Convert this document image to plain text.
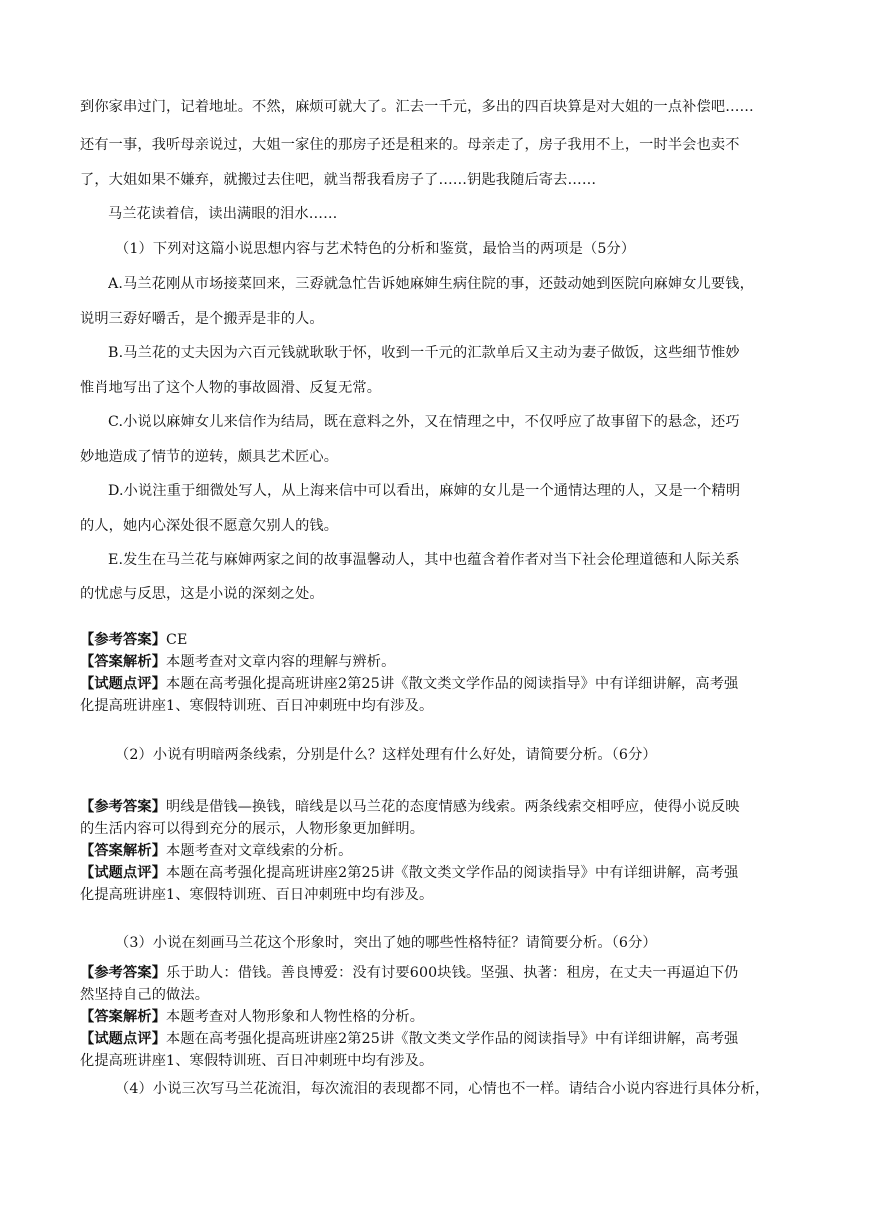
到你家串过门，记着地址。不然，麻烦可就大了。汇去一千元，多出的四百块算是对大姐的一点补偿吧……
还有一事，我听母亲说过，大姐一家住的那房子还是租来的。母亲走了，房子我用不上，一时半会也卖不
了，大姐如果不嫌弃，就搬过去住吧，就当帮我看房子了……钥匙我随后寄去……
马兰花读着信，读出满眼的泪水……
（1）下列对这篇小说思想内容与艺术特色的分析和鉴赏，最恰当的两项是（5分）
A.马兰花刚从市场接菜回来，三孬就急忙告诉她麻婶生病住院的事，还鼓动她到医院向麻婶女儿要钱，
说明三孬好嚼舌，是个搬弄是非的人。
B.马兰花的丈夫因为六百元钱就耿耿于怀，收到一千元的汇款单后又主动为妻子做饭，这些细节惟妙
惟肖地写出了这个人物的事故圆滑、反复无常。
C.小说以麻婶女儿来信作为结局，既在意料之外，又在情理之中，不仅呼应了故事留下的悬念，还巧
妙地造成了情节的逆转，颇具艺术匠心。
D.小说注重于细微处写人，从上海来信中可以看出，麻婶的女儿是一个通情达理的人，又是一个精明
的人，她内心深处很不愿意欠别人的钱。
E.发生在马兰花与麻婶两家之间的故事温馨动人，其中也蕴含着作者对当下社会伦理道德和人际关系
的忧虑与反思，这是小说的深刻之处。
【参考答案】CE
【答案解析】本题考查对文章内容的理解与辨析。
【试题点评】本题在高考强化提高班讲座2第25讲《散文类文学作品的阅读指导》中有详细讲解，高考强
化提高班讲座1、寒假特训班、百日冲刺班中均有涉及。
（2）小说有明暗两条线索，分别是什么？这样处理有什么好处，请简要分析。（6分）
【参考答案】明线是借钱—换钱，暗线是以马兰花的态度情感为线索。两条线索交相呼应，使得小说反映
的生活内容可以得到充分的展示，人物形象更加鲜明。
【答案解析】本题考查对文章线索的分析。
【试题点评】本题在高考强化提高班讲座2第25讲《散文类文学作品的阅读指导》中有详细讲解，高考强
化提高班讲座1、寒假特训班、百日冲刺班中均有涉及。
（3）小说在刻画马兰花这个形象时，突出了她的哪些性格特征？请简要分析。（6分）
【参考答案】乐于助人：借钱。善良博爱：没有讨要600块钱。坚强、执著：租房，在丈夫一再逼迫下仍
然坚持自己的做法。
【答案解析】本题考查对人物形象和人物性格的分析。
【试题点评】本题在高考强化提高班讲座2第25讲《散文类文学作品的阅读指导》中有详细讲解，高考强
化提高班讲座1、寒假特训班、百日冲刺班中均有涉及。
（4）小说三次写马兰花流泪，每次流泪的表现都不同，心情也不一样。请结合小说内容进行具体分析，
